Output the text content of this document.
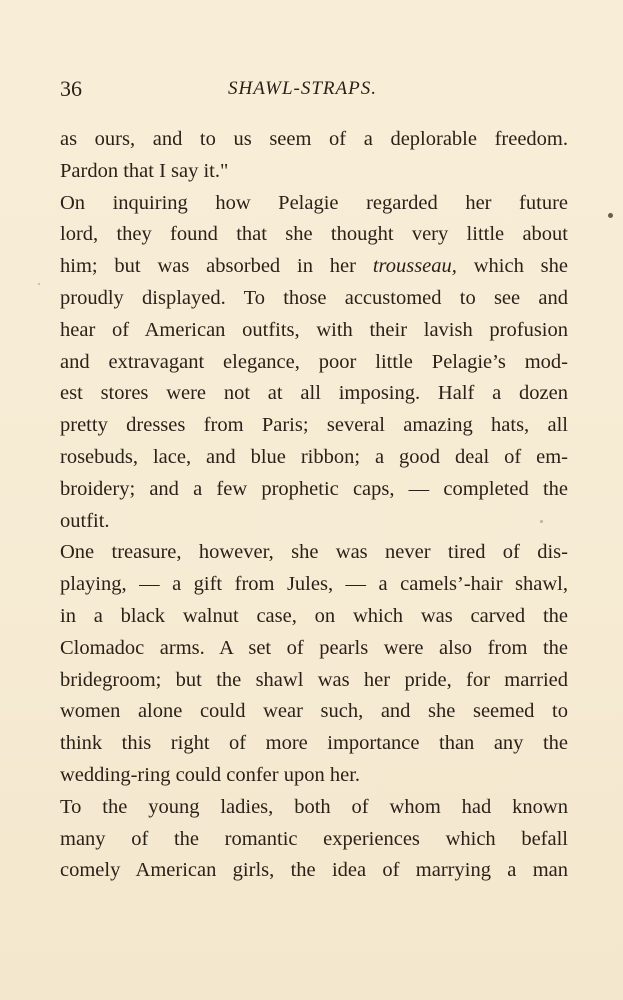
36	SHAWL-STRAPS.
as ours, and to us seem of a deplorable freedom.
Pardon that I say it."
On inquiring how Pelagie regarded her future
lord, they found that she thought very little about
him; but was absorbed in her trousseau, which she
proudly displayed. To those accustomed to see and
hear of American outfits, with their lavish profusion
and extravagant elegance, poor little Pelagie’s mod-
est stores were not at all imposing. Half a dozen
pretty dresses from Paris; several amazing hats, all
rosebuds, lace, and blue ribbon; a good deal of em-
broidery; and a few prophetic caps, — completed the
outfit.
One treasure, however, she was never tired of dis-
playing, — a gift from Jules, — a camels’-hair shawl,
in a black walnut case, on which was carved the
Clomadoc arms. A set of pearls were also from the
bridegroom; but the shawl was her pride, for married
women alone could wear such, and she seemed to
think this right of more importance than any the
wedding-ring could confer upon her.
To the young ladies, both of whom had known
many of the romantic experiences which befall
comely American girls, the idea of marrying a man
